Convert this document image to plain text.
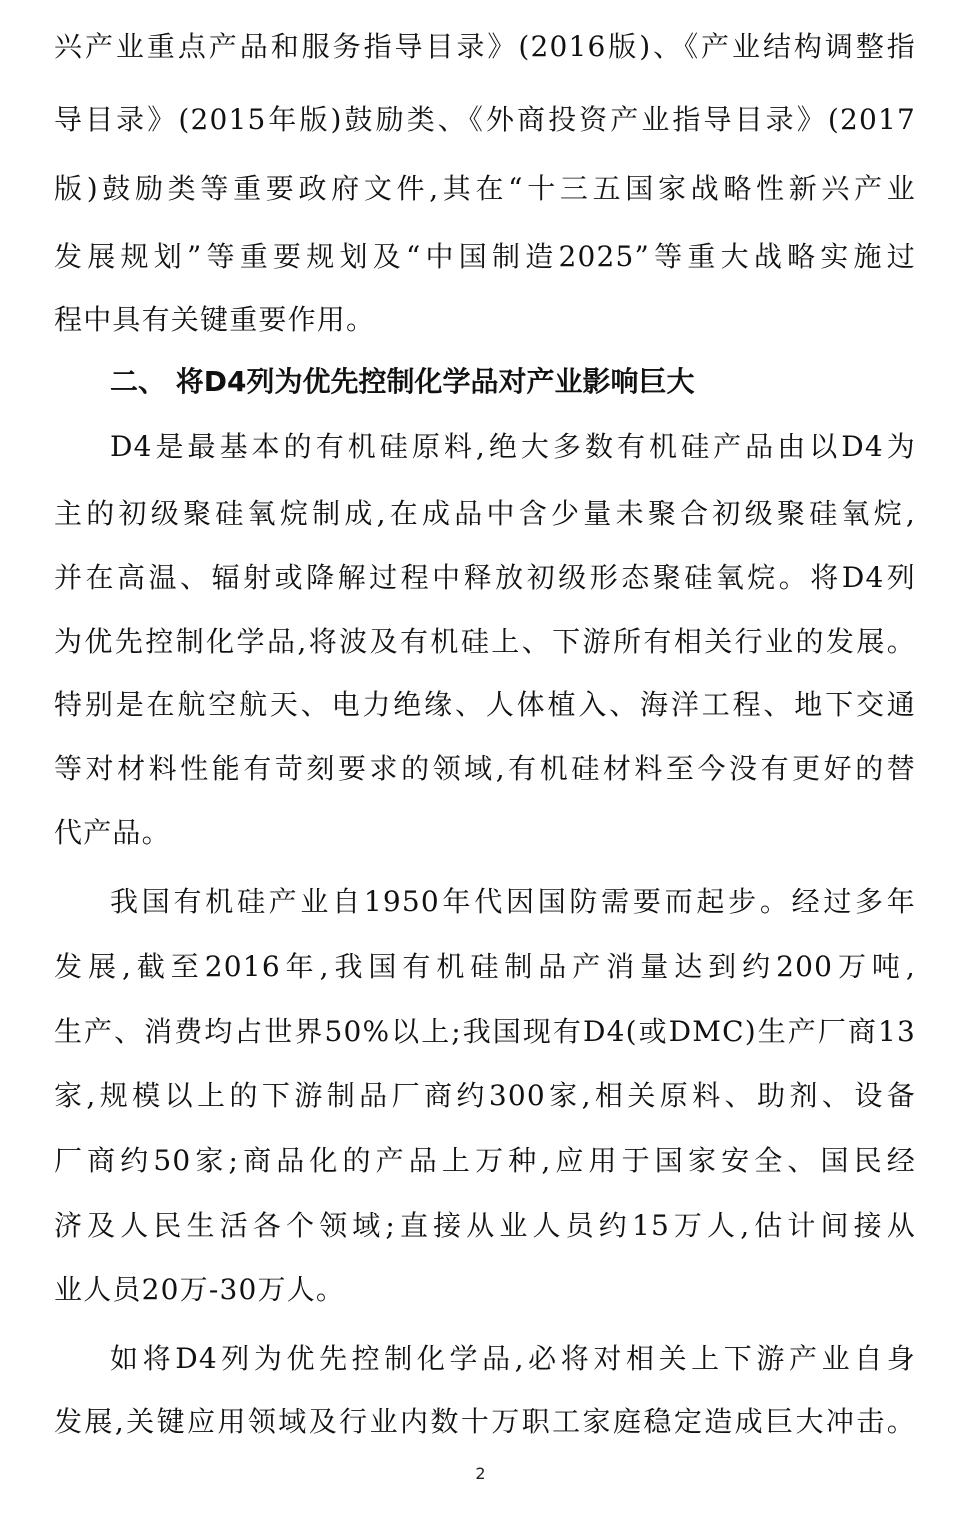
兴产业重点产品和服务指导目录》(2016版)、《产业结构调整指
导目录》(2015年版)鼓励类、《外商投资产业指导目录》(2017
版)鼓励类等重要政府文件,其在“十三五国家战略性新兴产业
发展规划”等重要规划及“中国制造2025”等重大战略实施过
程中具有关键重要作用。
二、 将D4列为优先控制化学品对产业影响巨大
D4是最基本的有机硅原料,绝大多数有机硅产品由以D4为
主的初级聚硅氧烷制成,在成品中含少量未聚合初级聚硅氧烷,
并在高温、辐射或降解过程中释放初级形态聚硅氧烷。将D4列
为优先控制化学品,将波及有机硅上、下游所有相关行业的发展。
特别是在航空航天、电力绝缘、人体植入、海洋工程、地下交通
等对材料性能有苛刻要求的领域,有机硅材料至今没有更好的替
代产品。
我国有机硅产业自1950年代因国防需要而起步。经过多年
发展,截至2016年,我国有机硅制品产消量达到约200万吨,
生产、消费均占世界50%以上;我国现有D4(或DMC)生产厂商13
家,规模以上的下游制品厂商约300家,相关原料、助剂、设备
厂商约50家;商品化的产品上万种,应用于国家安全、国民经
济及人民生活各个领域;直接从业人员约15万人,估计间接从
业人员20万-30万人。
如将D4列为优先控制化学品,必将对相关上下游产业自身
发展,关键应用领域及行业内数十万职工家庭稳定造成巨大冲击。
2
